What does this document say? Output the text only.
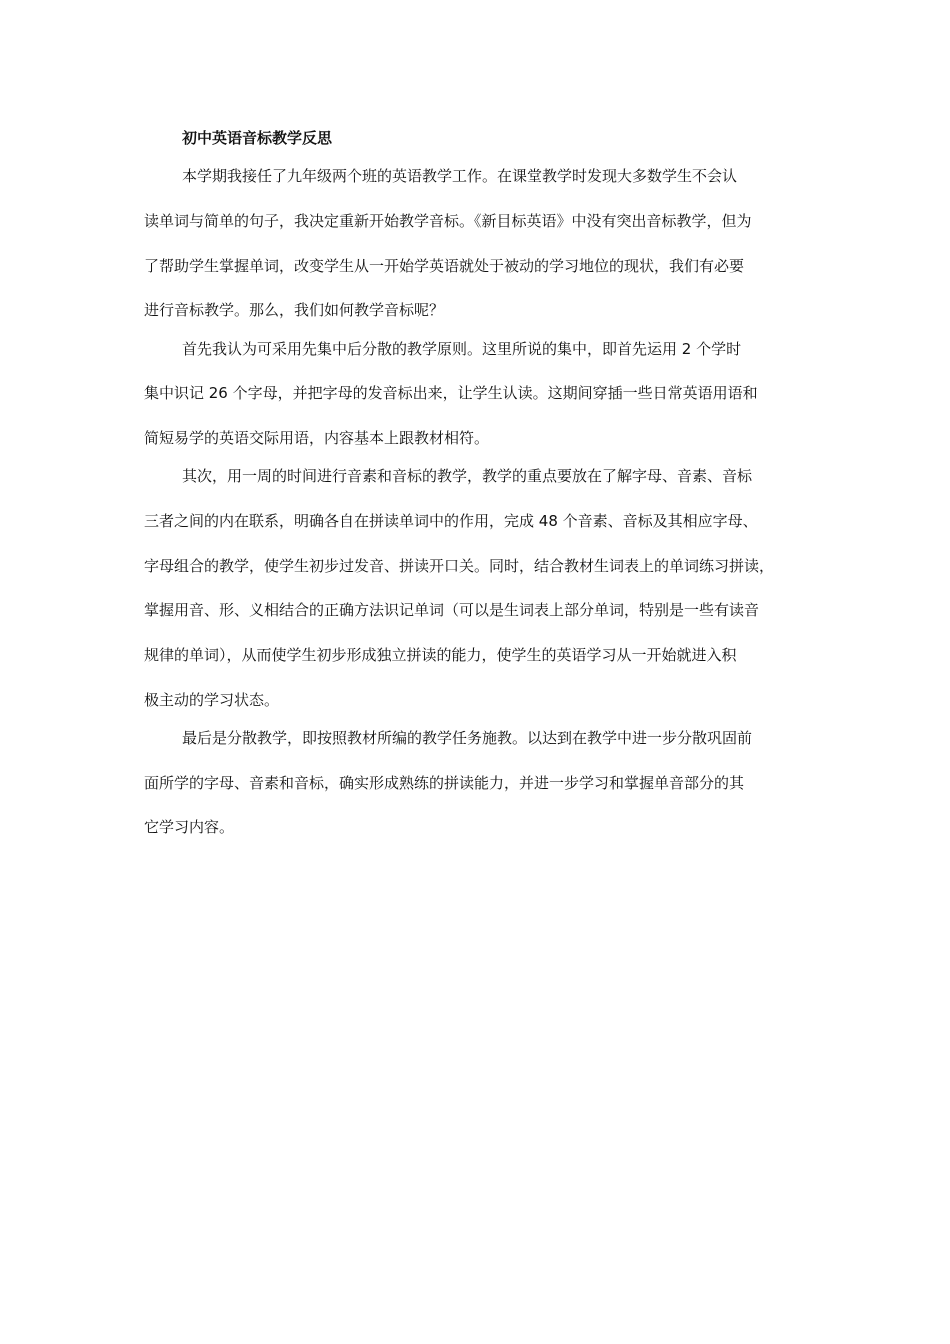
初中英语音标教学反思
本学期我接任了九年级两个班的英语教学工作。在课堂教学时发现大多数学生不会认
读单词与简单的句子，我决定重新开始教学音标。《新目标英语》中没有突出音标教学，但为
了帮助学生掌握单词，改变学生从一开始学英语就处于被动的学习地位的现状，我们有必要
进行音标教学。那么，我们如何教学音标呢？
首先我认为可采用先集中后分散的教学原则。这里所说的集中，即首先运用 2 个学时
集中识记 26 个字母，并把字母的发音标出来，让学生认读。这期间穿插一些日常英语用语和
简短易学的英语交际用语，内容基本上跟教材相符。
其次，用一周的时间进行音素和音标的教学，教学的重点要放在了解字母、音素、音标
三者之间的内在联系，明确各自在拼读单词中的作用，完成 48 个音素、音标及其相应字母、
字母组合的教学，使学生初步过发音、拼读开口关。同时，结合教材生词表上的单词练习拼读，
掌握用音、形、义相结合的正确方法识记单词（可以是生词表上部分单词，特别是一些有读音
规律的单词），从而使学生初步形成独立拼读的能力，使学生的英语学习从一开始就进入积
极主动的学习状态。
最后是分散教学，即按照教材所编的教学任务施教。以达到在教学中进一步分散巩固前
面所学的字母、音素和音标，确实形成熟练的拼读能力，并进一步学习和掌握单音部分的其
它学习内容。
